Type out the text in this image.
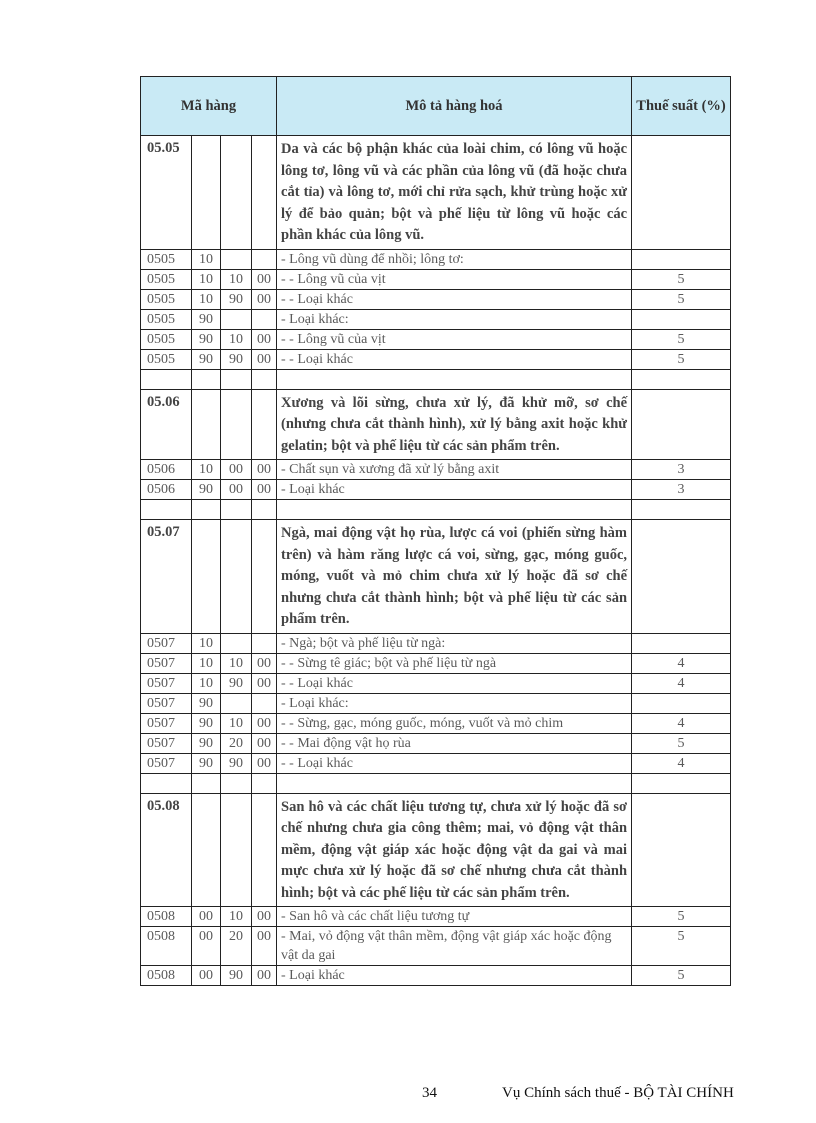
Mã hàng				Mô tả hàng hoá	Thuế suất (%)
05.05				Da và các bộ phận khác của loài chim, có lông vũ hoặc lông tơ, lông vũ và các phần của lông vũ (đã hoặc chưa cắt tỉa) và lông tơ, mới chỉ rửa sạch, khử trùng hoặc xử lý để bảo quản; bột và phế liệu từ lông vũ hoặc các phần khác của lông vũ.	
0505	10			- Lông vũ dùng để nhồi; lông tơ:	
0505	10	10	00	- - Lông vũ của vịt	5
0505	10	90	00	- - Loại khác	5
0505	90			- Loại khác:	
0505	90	10	00	- - Lông vũ của vịt	5
0505	90	90	00	- - Loại khác	5

05.06				Xương và lõi sừng, chưa xử lý, đã khử mỡ, sơ chế (nhưng chưa cắt thành hình), xử lý bằng axit hoặc khử gelatin; bột và phế liệu từ các sản phẩm trên.	
0506	10	00	00	- Chất sụn và xương đã xử lý bằng axit	3
0506	90	00	00	- Loại khác	3

05.07				Ngà, mai động vật họ rùa, lược cá voi (phiến sừng hàm trên) và hàm răng lược cá voi, sừng, gạc, móng guốc, móng, vuốt và mỏ chim chưa xử lý hoặc đã sơ chế nhưng chưa cắt thành hình; bột và phế liệu từ các sản phẩm trên.	
0507	10			- Ngà; bột và phế liệu từ ngà:	
0507	10	10	00	- - Sừng tê giác; bột và phế liệu từ ngà	4
0507	10	90	00	- - Loại khác	4
0507	90			- Loại khác:	
0507	90	10	00	- - Sừng, gạc, móng guốc, móng, vuốt và mỏ chim	4
0507	90	20	00	- - Mai động vật họ rùa	5
0507	90	90	00	- - Loại khác	4

05.08				San hô và các chất liệu tương tự, chưa xử lý hoặc đã sơ chế nhưng chưa gia công thêm; mai, vỏ động vật thân mềm, động vật giáp xác hoặc động vật da gai và mai mực chưa xử lý hoặc đã sơ chế nhưng chưa cắt thành hình; bột và các phế liệu từ các sản phẩm trên.	
0508	00	10	00	- San hô và các chất liệu tương tự	5
0508	00	20	00	- Mai, vỏ động vật thân mềm, động vật giáp xác hoặc động vật da gai	5
0508	00	90	00	- Loại khác	5
34	Vụ Chính sách thuế - BỘ TÀI CHÍNH
